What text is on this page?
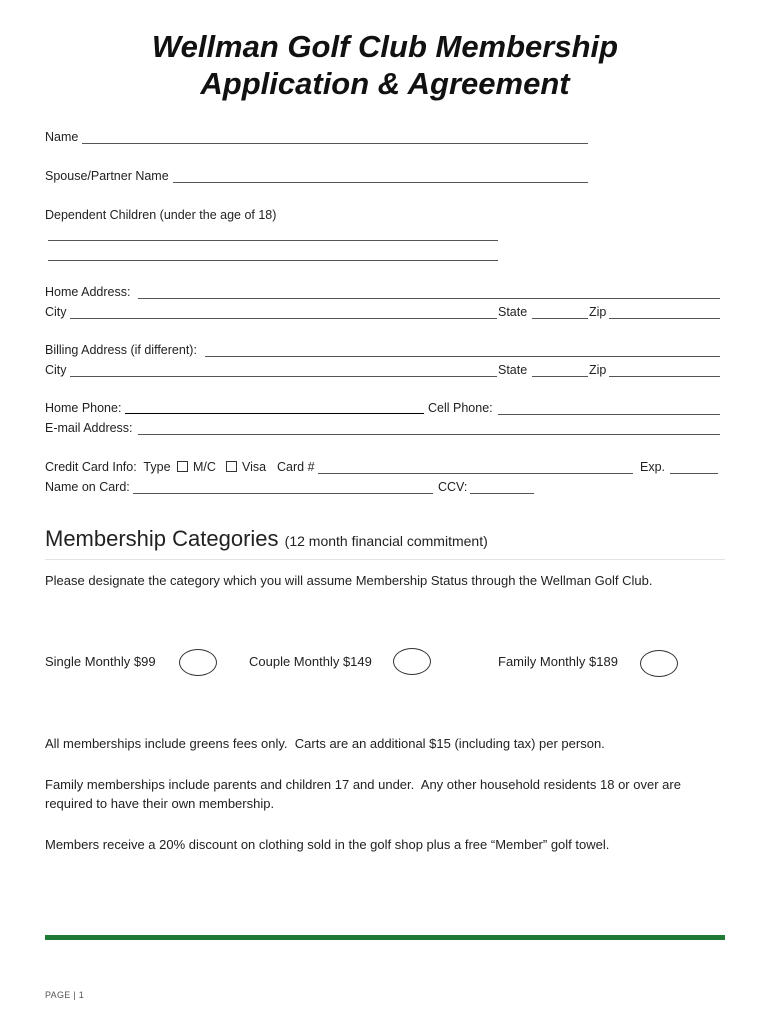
Wellman Golf Club Membership
Application & Agreement
Name
Spouse/Partner Name
Dependent Children (under the age of 18)
Home Address:
City	State	Zip
Billing Address (if different):
City	State	Zip
Home Phone:	Cell Phone:
E-mail Address:
Credit Card Info:  Type M/C Visa Card #	Exp.
Name on Card:	CCV:
Membership Categories (12 month financial commitment)
Please designate the category which you will assume Membership Status through the Wellman Golf Club.
Single Monthly $99	Couple Monthly $149	Family Monthly $189
All memberships include greens fees only.  Carts are an additional $15 (including tax) per person.
Family memberships include parents and children 17 and under.  Any other household residents 18 or over are
required to have their own membership.
Members receive a 20% discount on clothing sold in the golf shop plus a free “Member” golf towel.
PAGE | 1
